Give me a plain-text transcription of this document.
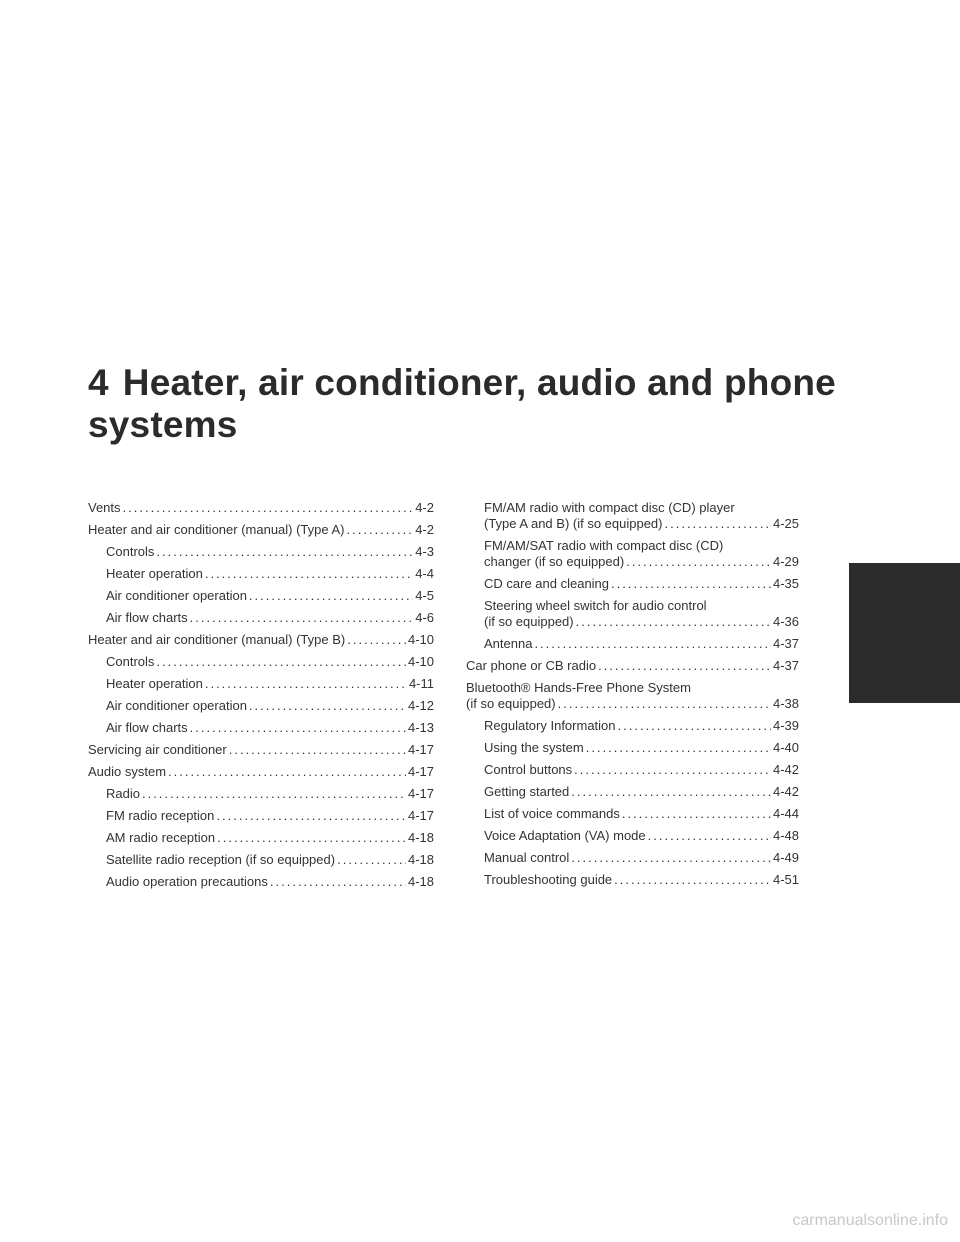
4 Heater, air conditioner, audio and phone systems
Vents .....	4-2
Heater and air conditioner (manual) (Type A) .....	4-2
Controls .....	4-3
Heater operation .....	4-4
Air conditioner operation .....	4-5
Air flow charts .....	4-6
Heater and air conditioner (manual) (Type B) .....	4-10
Controls .....	4-10
Heater operation .....	4-11
Air conditioner operation .....	4-12
Air flow charts .....	4-13
Servicing air conditioner .....	4-17
Audio system .....	4-17
Radio .....	4-17
FM radio reception .....	4-17
AM radio reception .....	4-18
Satellite radio reception (if so equipped) .....	4-18
Audio operation precautions .....	4-18
FM/AM radio with compact disc (CD) player
(Type A and B) (if so equipped) .....	4-25
FM/AM/SAT radio with compact disc (CD)
changer (if so equipped) .....	4-29
CD care and cleaning .....	4-35
Steering wheel switch for audio control
(if so equipped) .....	4-36
Antenna .....	4-37
Car phone or CB radio .....	4-37
Bluetooth® Hands-Free Phone System
(if so equipped) .....	4-38
Regulatory Information .....	4-39
Using the system .....	4-40
Control buttons .....	4-42
Getting started .....	4-42
List of voice commands .....	4-44
Voice Adaptation (VA) mode .....	4-48
Manual control .....	4-49
Troubleshooting guide .....	4-51
carmanualsonline.info
